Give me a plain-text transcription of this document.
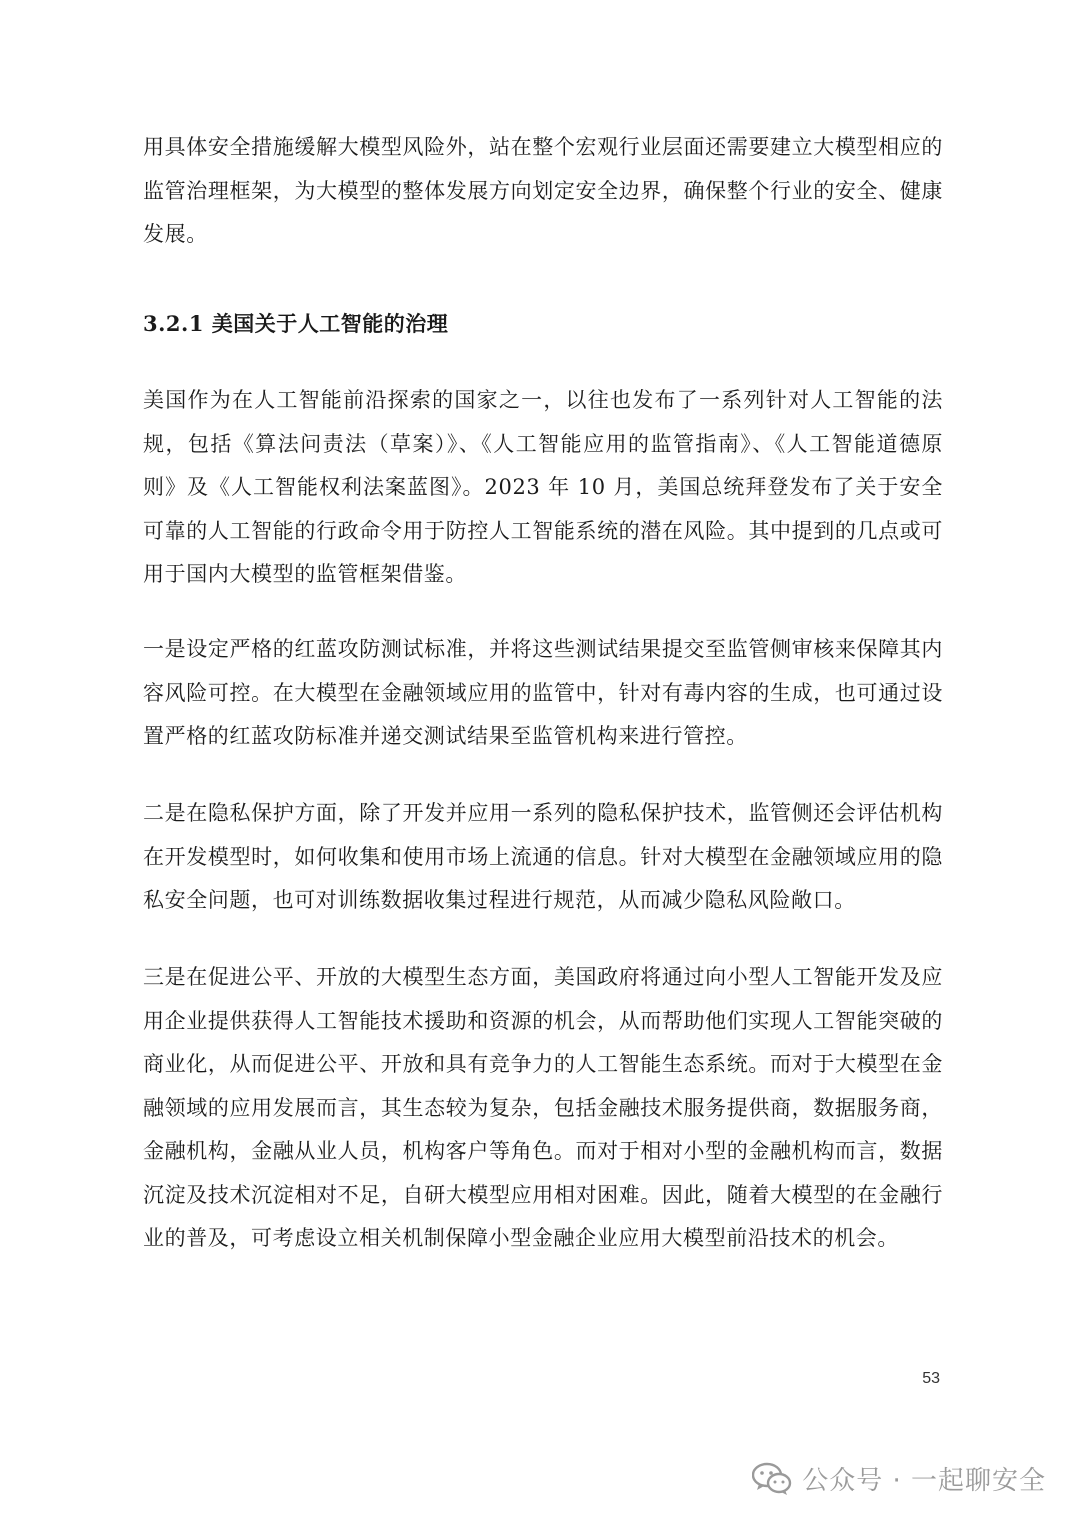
用具体安全措施缓解大模型风险外，站在整个宏观行业层面还需要建立大模型相应的监管治理框架，为大模型的整体发展方向划定安全边界，确保整个行业的安全、健康发展。
3.2.1 美国关于人工智能的治理
美国作为在人工智能前沿探索的国家之一，以往也发布了一系列针对人工智能的法规，包括《算法问责法（草案）》、《人工智能应用的监管指南》、《人工智能道德原则》及《人工智能权利法案蓝图》。2023 年 10 月，美国总统拜登发布了关于安全可靠的人工智能的行政命令用于防控人工智能系统的潜在风险。其中提到的几点或可用于国内大模型的监管框架借鉴。
一是设定严格的红蓝攻防测试标准，并将这些测试结果提交至监管侧审核来保障其内容风险可控。在大模型在金融领域应用的监管中，针对有毒内容的生成，也可通过设置严格的红蓝攻防标准并递交测试结果至监管机构来进行管控。
二是在隐私保护方面，除了开发并应用一系列的隐私保护技术，监管侧还会评估机构在开发模型时，如何收集和使用市场上流通的信息。针对大模型在金融领域应用的隐私安全问题，也可对训练数据收集过程进行规范，从而减少隐私风险敞口。
三是在促进公平、开放的大模型生态方面，美国政府将通过向小型人工智能开发及应用企业提供获得人工智能技术援助和资源的机会，从而帮助他们实现人工智能突破的商业化，从而促进公平、开放和具有竞争力的人工智能生态系统。而对于大模型在金融领域的应用发展而言，其生态较为复杂，包括金融技术服务提供商，数据服务商，金融机构，金融从业人员，机构客户等角色。而对于相对小型的金融机构而言，数据沉淀及技术沉淀相对不足，自研大模型应用相对困难。因此，随着大模型的在金融行业的普及，可考虑设立相关机制保障小型金融企业应用大模型前沿技术的机会。
53
公众号 · 一起聊安全
